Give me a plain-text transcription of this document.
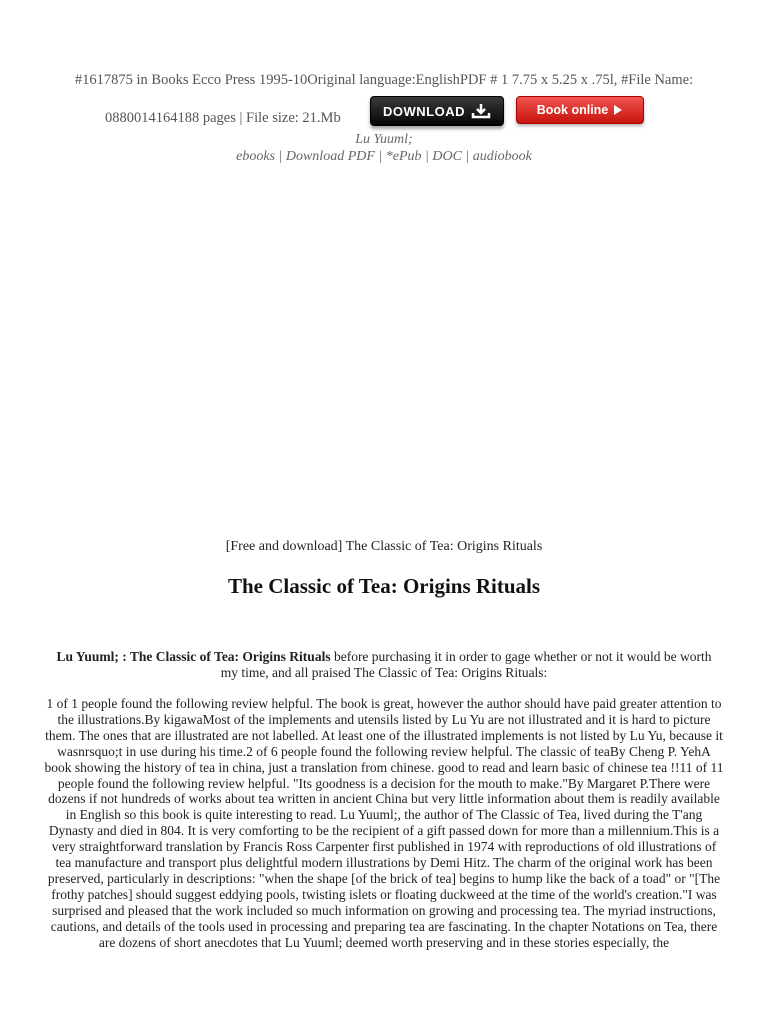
#1617875 in Books Ecco Press 1995-10Original language:EnglishPDF # 1 7.75 x 5.25 x .75l, #File Name:
0880014164188 pages | File size: 21.Mb	DOWNLOAD	Book online
Lu Yuuml;
ebooks | Download PDF | *ePub | DOC | audiobook
[Free and download] The Classic of Tea: Origins Rituals
The Classic of Tea: Origins Rituals

Lu Yuuml; : The Classic of Tea: Origins Rituals before purchasing it in order to gage whether or not it would be worth my time, and all praised The Classic of Tea: Origins Rituals:

1 of 1 people found the following review helpful. The book is great, however the author should have paid greater attention to the illustrations.By kigawaMost of the implements and utensils listed by Lu Yu are not illustrated and it is hard to picture them. The ones that are illustrated are not labelled. At least one of the illustrated implements is not listed by Lu Yu, because it wasnrsquo;t in use during his time.2 of 6 people found the following review helpful. The classic of teaBy Cheng P. YehA book showing the history of tea in china, just a translation from chinese. good to read and learn basic of chinese tea !!11 of 11 people found the following review helpful. "Its goodness is a decision for the mouth to make."By Margaret P.There were dozens if not hundreds of works about tea written in ancient China but very little information about them is readily available in English so this book is quite interesting to read. Lu Yuuml;, the author of The Classic of Tea, lived during the T'ang Dynasty and died in 804. It is very comforting to be the recipient of a gift passed down for more than a millennium.This is a very straightforward translation by Francis Ross Carpenter first published in 1974 with reproductions of old illustrations of tea manufacture and transport plus delightful modern illustrations by Demi Hitz. The charm of the original work has been preserved, particularly in descriptions: "when the shape [of the brick of tea] begins to hump like the back of a toad" or "[The frothy patches] should suggest eddying pools, twisting islets or floating duckweed at the time of the world's creation."I was surprised and pleased that the work included so much information on growing and processing tea. The myriad instructions, cautions, and details of the tools used in processing and preparing tea are fascinating. In the chapter Notations on Tea, there are dozens of short anecdotes that Lu Yuuml; deemed worth preserving and in these stories especially, the
